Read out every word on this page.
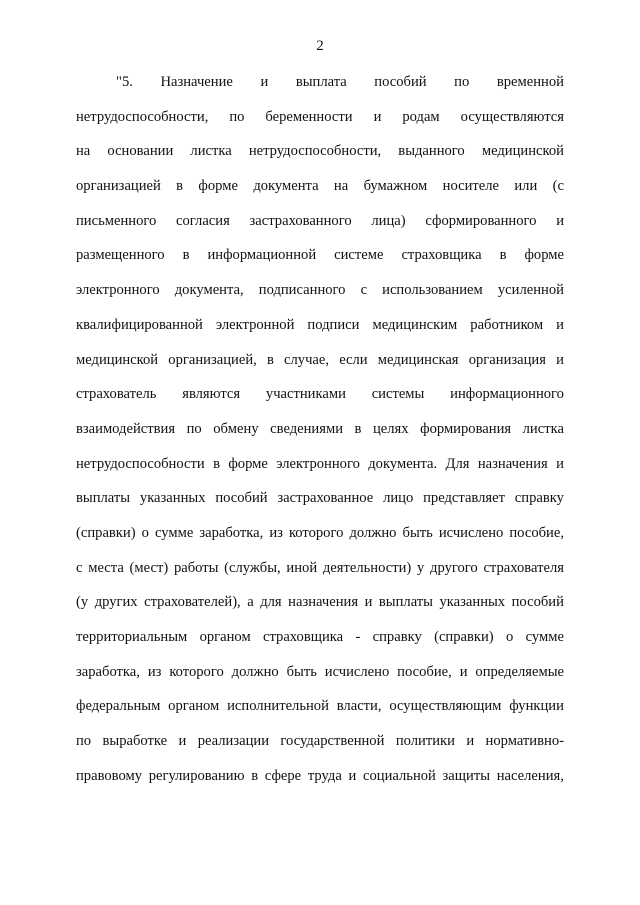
2
"5. Назначение и выплата пособий по временной
нетрудоспособности, по беременности и родам осуществляются
на основании листка нетрудоспособности, выданного медицинской
организацией в форме документа на бумажном носителе или (с
письменного согласия застрахованного лица) сформированного и
размещенного в информационной системе страховщика в форме
электронного документа, подписанного с использованием усиленной
квалифицированной электронной подписи медицинским работником и
медицинской организацией, в случае, если медицинская организация и
страхователь являются участниками системы информационного
взаимодействия по обмену сведениями в целях формирования листка
нетрудоспособности в форме электронного документа. Для назначения и
выплаты указанных пособий застрахованное лицо представляет справку
(справки) о сумме заработка, из которого должно быть исчислено пособие,
с места (мест) работы (службы, иной деятельности) у другого страхователя
(у других страхователей), а для назначения и выплаты указанных пособий
территориальным органом страховщика - справку (справки) о сумме
заработка, из которого должно быть исчислено пособие, и определяемые
федеральным органом исполнительной власти, осуществляющим функции
по выработке и реализации государственной политики и нормативно-
правовому регулированию в сфере труда и социальной защиты населения,
